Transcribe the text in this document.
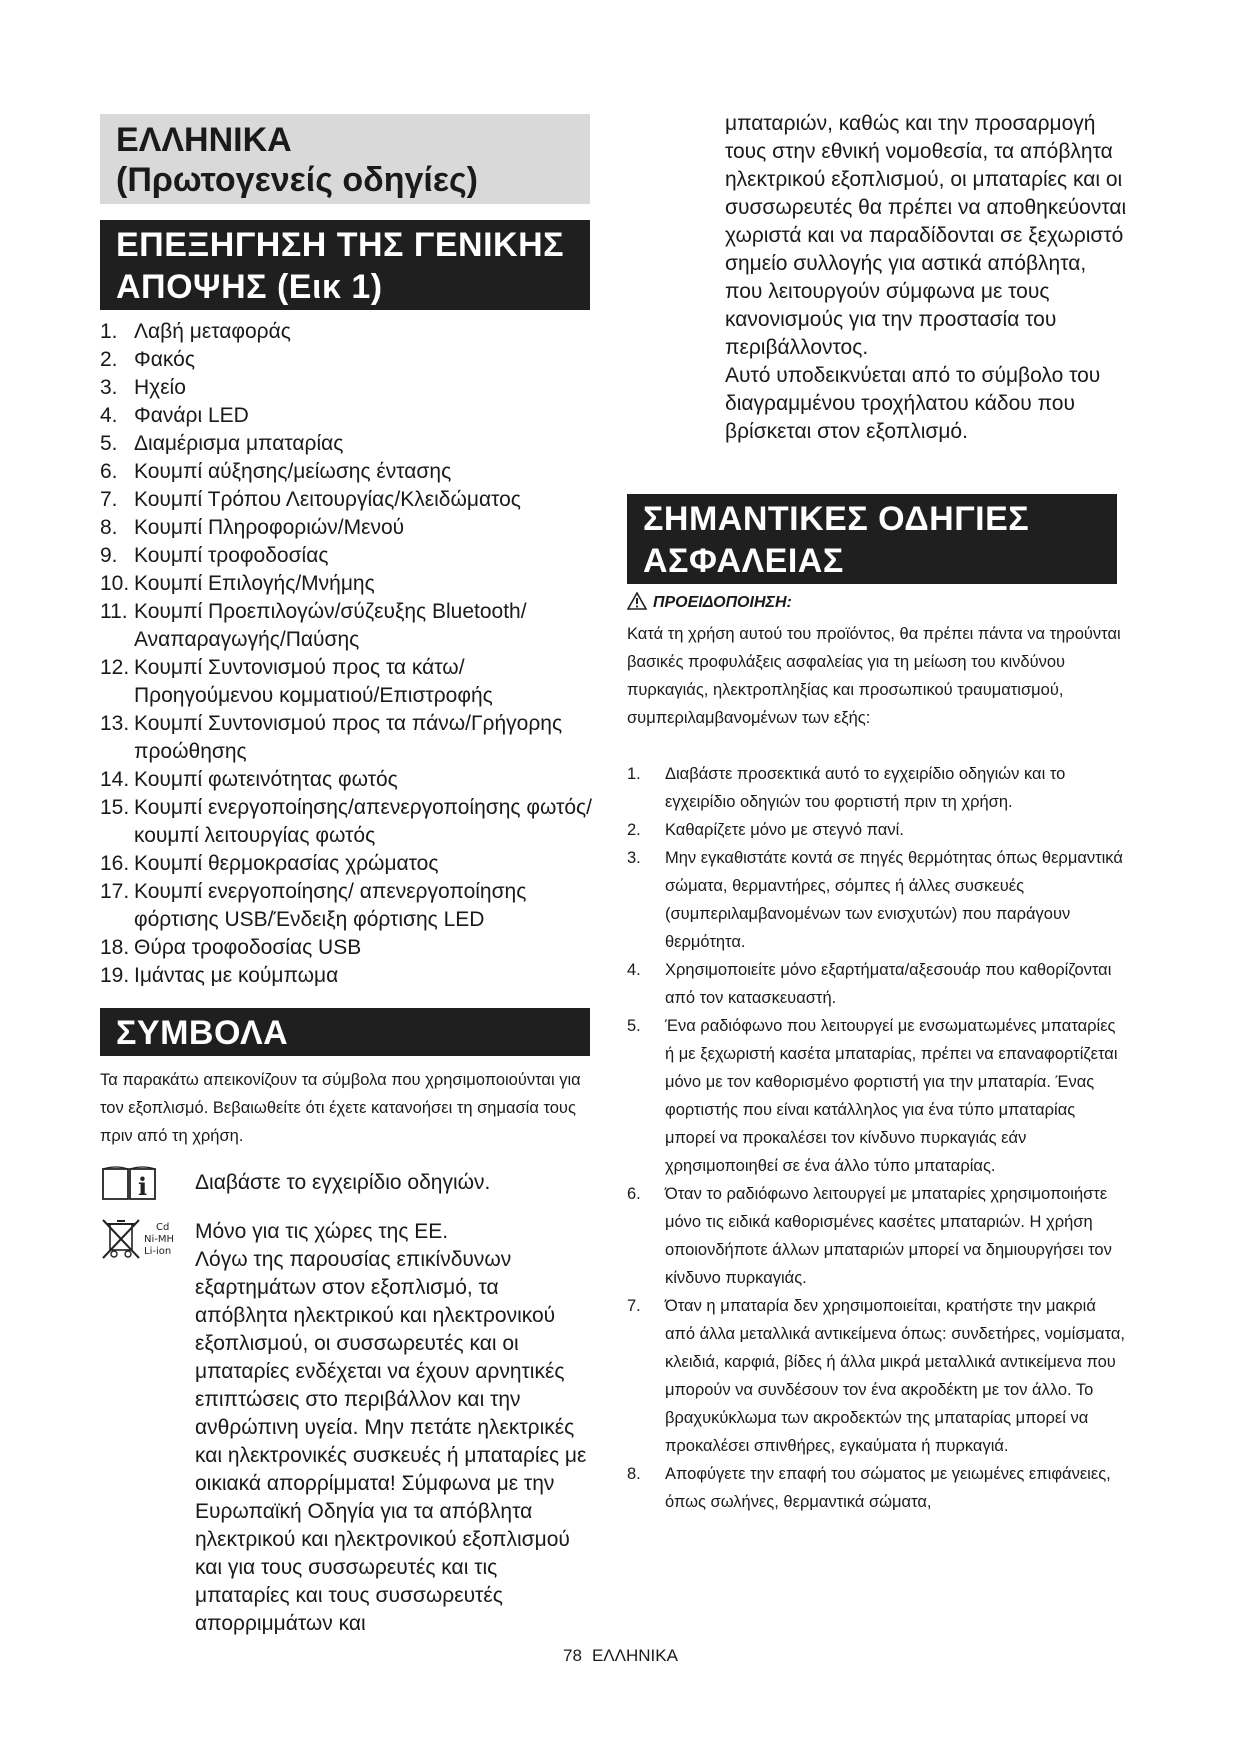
ΕΛΛΗΝΙΚΑ
(Πρωτογενείς οδηγίες)
ΕΠΕΞΗΓΗΣΗ ΤΗΣ ΓΕΝΙΚΗΣ
ΑΠΟΨΗΣ (Εικ 1)
1. Λαβή μεταφοράς
2. Φακός
3. Ηχείο
4. Φανάρι LED
5. Διαμέρισμα μπαταρίας
6. Κουμπί αύξησης/μείωσης έντασης
7. Κουμπί Τρόπου Λειτουργίας/Κλειδώματος
8. Κουμπί Πληροφοριών/Μενού
9. Κουμπί τροφοδοσίας
10. Κουμπί Επιλογής/Μνήμης
11. Κουμπί Προεπιλογών/σύζευξης Bluetooth/ Αναπαραγωγής/Παύσης
12. Κουμπί Συντονισμού προς τα κάτω/ Προηγούμενου κομματιού/Επιστροφής
13. Κουμπί Συντονισμού προς τα πάνω/Γρήγορης προώθησης
14. Κουμπί φωτεινότητας φωτός
15. Κουμπί ενεργοποίησης/απενεργοποίησης φωτός/κουμπί λειτουργίας φωτός
16. Κουμπί θερμοκρασίας χρώματος
17. Κουμπί ενεργοποίησης/ απενεργοποίησης φόρτισης USB/Ένδειξη φόρτισης LED
18. Θύρα τροφοδοσίας USB
19. Ιμάντας με κούμπωμα
ΣΥΜΒΟΛΑ

Τα παρακάτω απεικονίζουν τα σύμβολα που χρησιμοποιούνται για τον εξοπλισμό. Βεβαιωθείτε ότι έχετε κατανοήσει τη σημασία τους πριν από τη χρήση.

i Διαβάστε το εγχειρίδιο οδηγιών.
Cd
Ni-MH
Li-ion
Μόνο για τις χώρες της ΕΕ.
Λόγω της παρουσίας επικίνδυνων εξαρτημάτων στον εξοπλισμό, τα απόβλητα ηλεκτρικού και ηλεκτρονικού εξοπλισμού, οι συσσωρευτές και οι μπαταρίες ενδέχεται να έχουν αρνητικές επιπτώσεις στο περιβάλλον και την ανθρώπινη υγεία. Μην πετάτε ηλεκτρικές και ηλεκτρονικές συσκευές ή μπαταρίες με οικιακά απορρίμματα! Σύμφωνα με την Ευρωπαϊκή Οδηγία για τα απόβλητα ηλεκτρικού και ηλεκτρονικού εξοπλισμού και για τους συσσωρευτές και τις μπαταρίες και τους συσσωρευτές απορριμμάτων και
μπαταριών, καθώς και την προσαρμογή τους στην εθνική νομοθεσία, τα απόβλητα ηλεκτρικού εξοπλισμού, οι μπαταρίες και οι συσσωρευτές θα πρέπει να αποθηκεύονται χωριστά και να παραδίδονται σε ξεχωριστό σημείο συλλογής για αστικά απόβλητα, που λειτουργούν σύμφωνα με τους κανονισμούς για την προστασία του περιβάλλοντος.
Αυτό υποδεικνύεται από το σύμβολο του διαγραμμένου τροχήλατου κάδου που βρίσκεται στον εξοπλισμό.
ΣΗΜΑΝΤΙΚΕΣ ΟΔΗΓΙΕΣ
ΑΣΦΑΛΕΙΑΣ
ΠΡΟΕΙΔΟΠΟΙΗΣΗ:

Κατά τη χρήση αυτού του προϊόντος, θα πρέπει πάντα να τηρούνται βασικές προφυλάξεις ασφαλείας για τη μείωση του κινδύνου πυρκαγιάς, ηλεκτροπληξίας και προσωπικού τραυματισμού, συμπεριλαμβανομένων των εξής:

1. Διαβάστε προσεκτικά αυτό το εγχειρίδιο οδηγιών και το εγχειρίδιο οδηγιών του φορτιστή πριν τη χρήση.
2. Καθαρίζετε μόνο με στεγνό πανί.
3. Μην εγκαθιστάτε κοντά σε πηγές θερμότητας όπως θερμαντικά σώματα, θερμαντήρες, σόμπες ή άλλες συσκευές (συμπεριλαμβανομένων των ενισχυτών) που παράγουν θερμότητα.
4. Χρησιμοποιείτε μόνο εξαρτήματα/αξεσουάρ που καθορίζονται από τον κατασκευαστή.
5. Ένα ραδιόφωνο που λειτουργεί με ενσωματωμένες μπαταρίες ή με ξεχωριστή κασέτα μπαταρίας, πρέπει να επαναφορτίζεται μόνο με τον καθορισμένο φορτιστή για την μπαταρία. Ένας φορτιστής που είναι κατάλληλος για ένα τύπο μπαταρίας μπορεί να προκαλέσει τον κίνδυνο πυρκαγιάς εάν χρησιμοποιηθεί σε ένα άλλο τύπο μπαταρίας.
6. Όταν το ραδιόφωνο λειτουργεί με μπαταρίες χρησιμοποιήστε μόνο τις ειδικά καθορισμένες κασέτες μπαταριών. Η χρήση οποιονδήποτε άλλων μπαταριών μπορεί να δημιουργήσει τον κίνδυνο πυρκαγιάς.
7. Όταν η μπαταρία δεν χρησιμοποιείται, κρατήστε την μακριά από άλλα μεταλλικά αντικείμενα όπως: συνδετήρες, νομίσματα, κλειδιά, καρφιά, βίδες ή άλλα μικρά μεταλλικά αντικείμενα που μπορούν να συνδέσουν τον ένα ακροδέκτη με τον άλλο. Το βραχυκύκλωμα των ακροδεκτών της μπαταρίας μπορεί να προκαλέσει σπινθήρες, εγκαύματα ή πυρκαγιά.
8. Αποφύγετε την επαφή του σώματος με γειωμένες επιφάνειες, όπως σωλήνες, θερμαντικά σώματα,
78 ΕΛΛΗΝΙΚΑ
